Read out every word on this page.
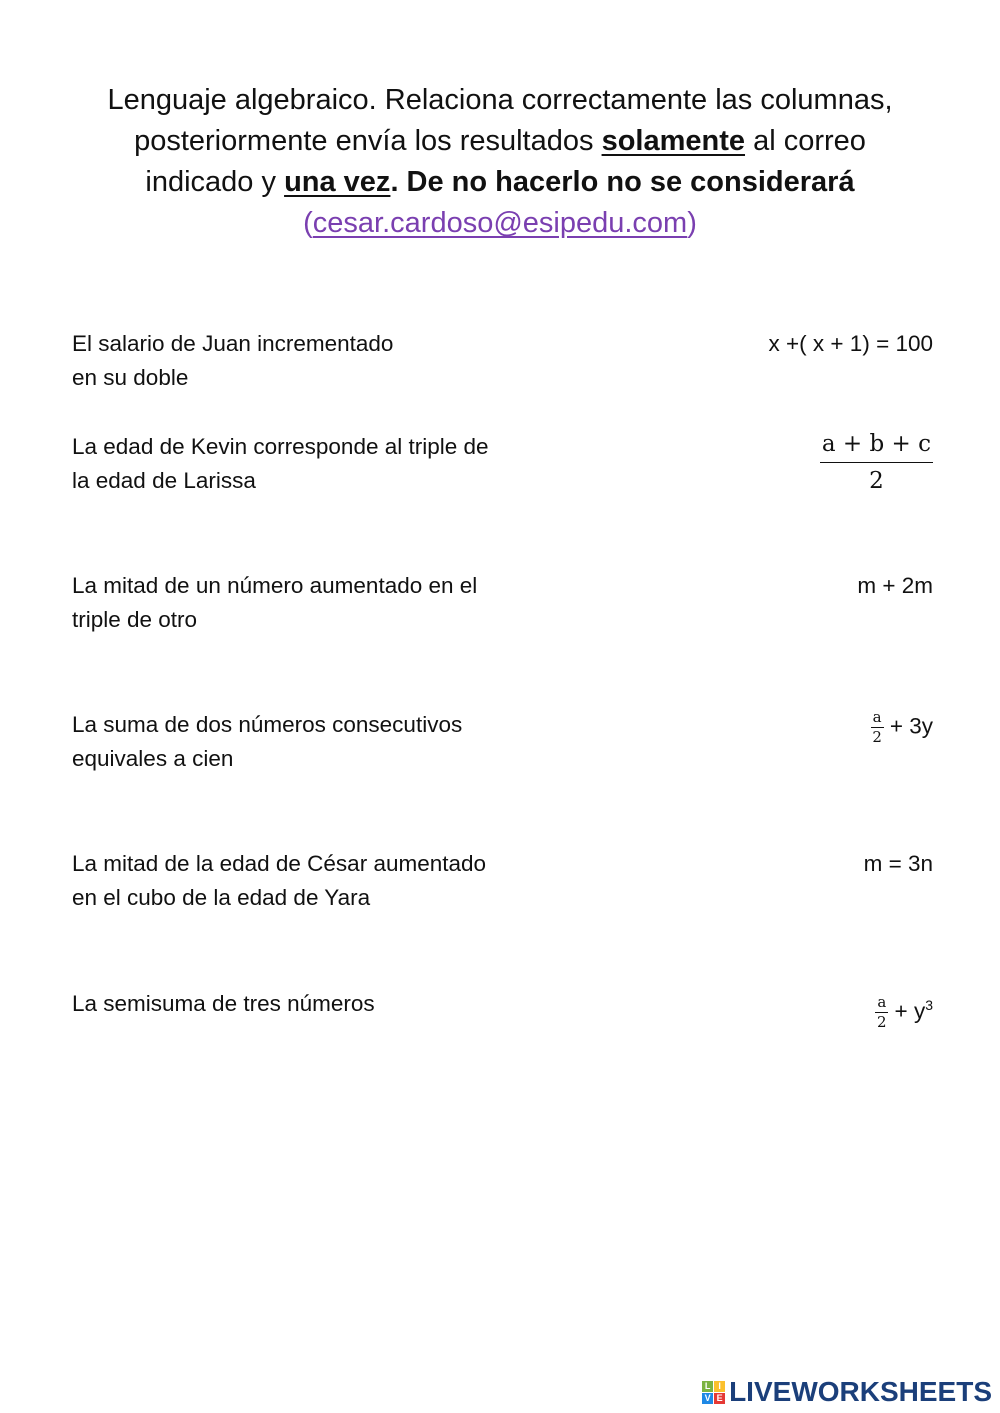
Lenguaje algebraico. Relaciona correctamente las columnas,
posteriormente envía los resultados solamente al correo
indicado y una vez. De no hacerlo no se considerará
(cesar.cardoso@esipedu.com)
El salario de Juan incrementado
en su doble
La edad de Kevin corresponde al triple de
la edad de Larissa
La mitad de un número aumentado en el
triple de otro
La suma de dos números consecutivos
equivales a cien
La mitad de la edad de César aumentado
en el cubo de la edad de Yara
La semisuma de tres números
x +( x + 1) = 100
$\frac{a + b + c}{2}$
m + 2m
$\frac{a}{2} + 3y$
m = 3n
$\frac{a}{2} + y^3$
L I
V E LIVEWORKSHEETS
